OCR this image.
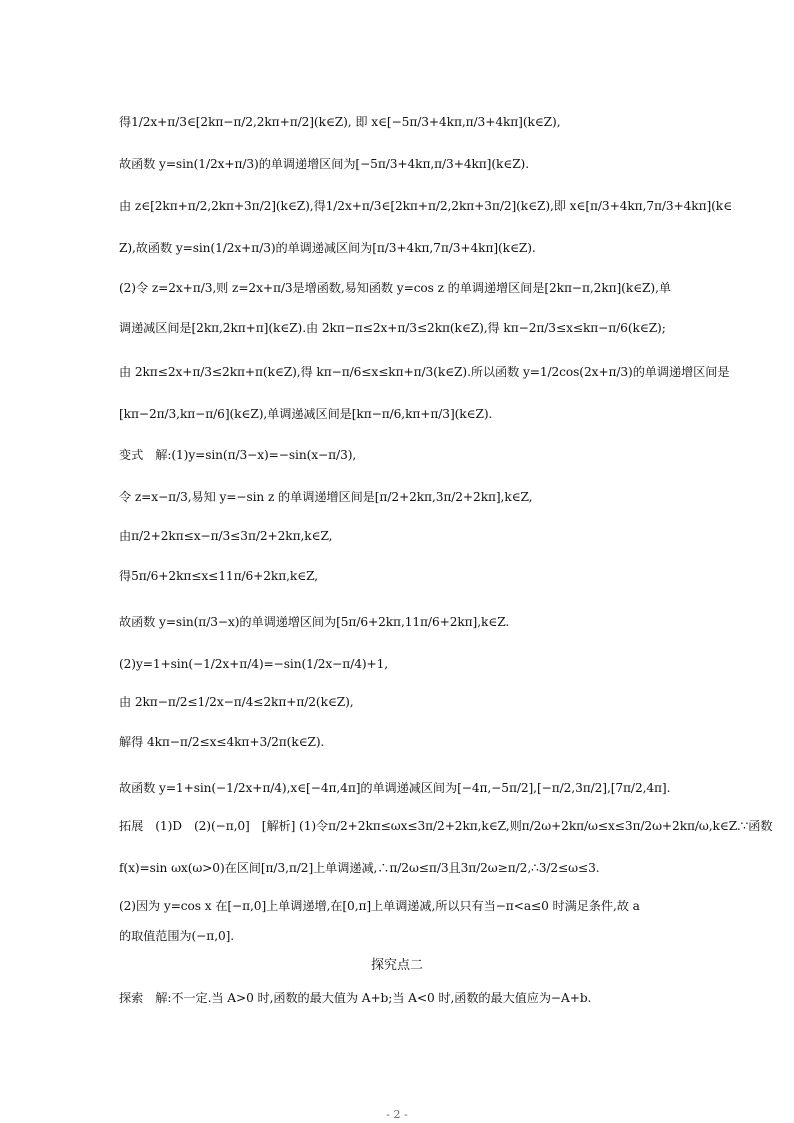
得1/2x+π/3∈[2kπ−π/2,2kπ+π/2](k∈Z), 即 x∈[−5π/3+4kπ,π/3+4kπ](k∈Z),
故函数 y=sin(1/2x+π/3)的单调递增区间为[−5π/3+4kπ,π/3+4kπ](k∈Z).
由 z∈[2kπ+π/2,2kπ+3π/2](k∈Z),得1/2x+π/3∈[2kπ+π/2,2kπ+3π/2](k∈Z),即 x∈[π/3+4kπ,7π/3+4kπ](k∈
Z),故函数 y=sin(1/2x+π/3)的单调递减区间为[π/3+4kπ,7π/3+4kπ](k∈Z).
(2)令 z=2x+π/3,则 z=2x+π/3是增函数,易知函数 y=cos z 的单调递增区间是[2kπ−π,2kπ](k∈Z),单
调递减区间是[2kπ,2kπ+π](k∈Z).由 2kπ−π≤2x+π/3≤2kπ(k∈Z),得 kπ−2π/3≤x≤kπ−π/6(k∈Z);
由 2kπ≤2x+π/3≤2kπ+π(k∈Z),得 kπ−π/6≤x≤kπ+π/3(k∈Z).所以函数 y=1/2cos(2x+π/3)的单调递增区间是
[kπ−2π/3,kπ−π/6](k∈Z),单调递减区间是[kπ−π/6,kπ+π/3](k∈Z).
变式　解:(1)y=sin(π/3−x)=−sin(x−π/3),
令 z=x−π/3,易知 y=−sin z 的单调递增区间是[π/2+2kπ,3π/2+2kπ],k∈Z,
由π/2+2kπ≤x−π/3≤3π/2+2kπ,k∈Z,
得5π/6+2kπ≤x≤11π/6+2kπ,k∈Z,
故函数 y=sin(π/3−x)的单调递增区间为[5π/6+2kπ,11π/6+2kπ],k∈Z.
(2)y=1+sin(−1/2x+π/4)=−sin(1/2x−π/4)+1,
由 2kπ−π/2≤1/2x−π/4≤2kπ+π/2(k∈Z),
解得 4kπ−π/2≤x≤4kπ+3/2π(k∈Z).
故函数 y=1+sin(−1/2x+π/4),x∈[−4π,4π]的单调递减区间为[−4π,−5π/2],[−π/2,3π/2],[7π/2,4π].
拓展　(1)D　(2)(−π,0]　[解析] (1)令π/2+2kπ≤ωx≤3π/2+2kπ,k∈Z,则π/2ω+2kπ/ω≤x≤3π/2ω+2kπ/ω,k∈Z.∵函数
f(x)=sin ωx(ω>0)在区间[π/3,π/2]上单调递减,∴π/2ω≤π/3且3π/2ω≥π/2,∴3/2≤ω≤3.
(2)因为 y=cos x 在[−π,0]上单调递增,在[0,π]上单调递减,所以只有当−π<a≤0 时满足条件,故 a
的取值范围为(−π,0].
探究点二
探索　解:不一定.当 A>0 时,函数的最大值为 A+b;当 A<0 时,函数的最大值应为−A+b.
- 2 -
